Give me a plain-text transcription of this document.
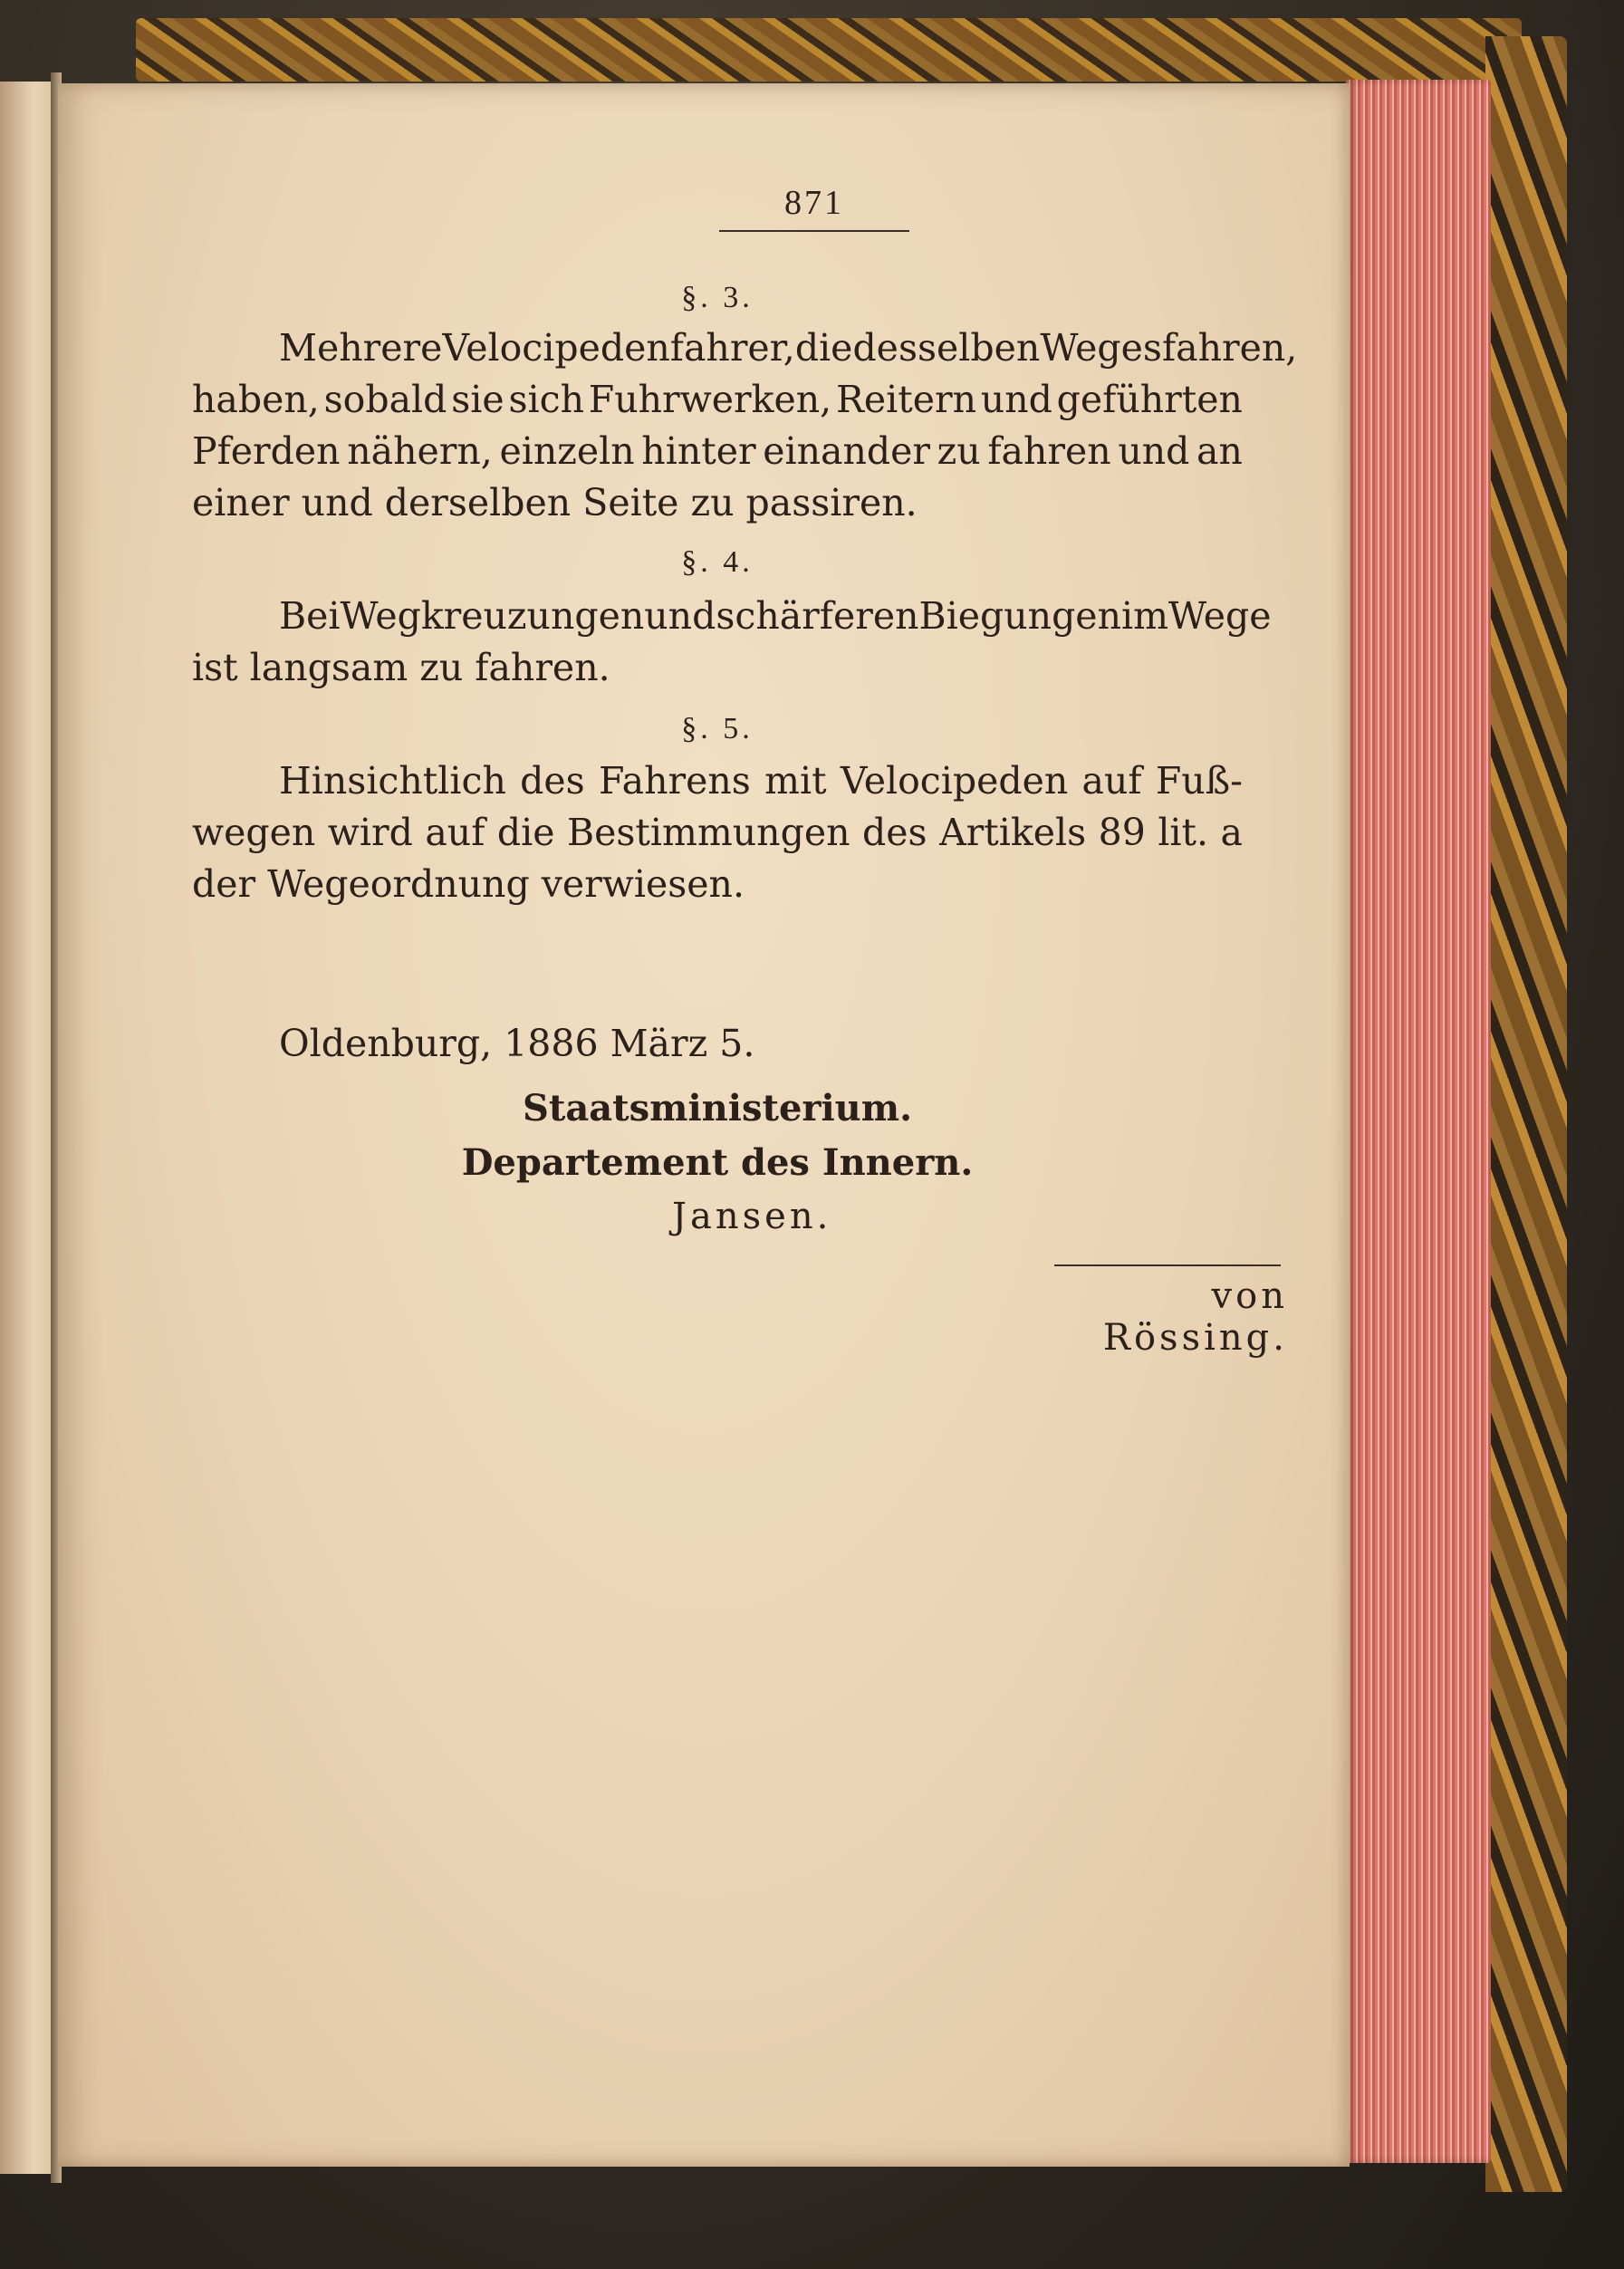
871
§. 3.
Mehrere Velocipedenfahrer, die desselben Weges fahren,
haben, sobald sie sich Fuhrwerken, Reitern und geführten
Pferden nähern, einzeln hinter einander zu fahren und an
einer und derselben Seite zu passiren.
§. 4.
Bei Wegkreuzungen und schärferen Biegungen im Wege
ist langsam zu fahren.
§. 5.
Hinsichtlich des Fahrens mit Velocipeden auf Fuß-
wegen wird auf die Bestimmungen des Artikels 89 lit. a
der Wegeordnung verwiesen.
Oldenburg, 1886 März 5.
Staatsministerium.
Departement des Innern.
Jansen.
von Rössing.
